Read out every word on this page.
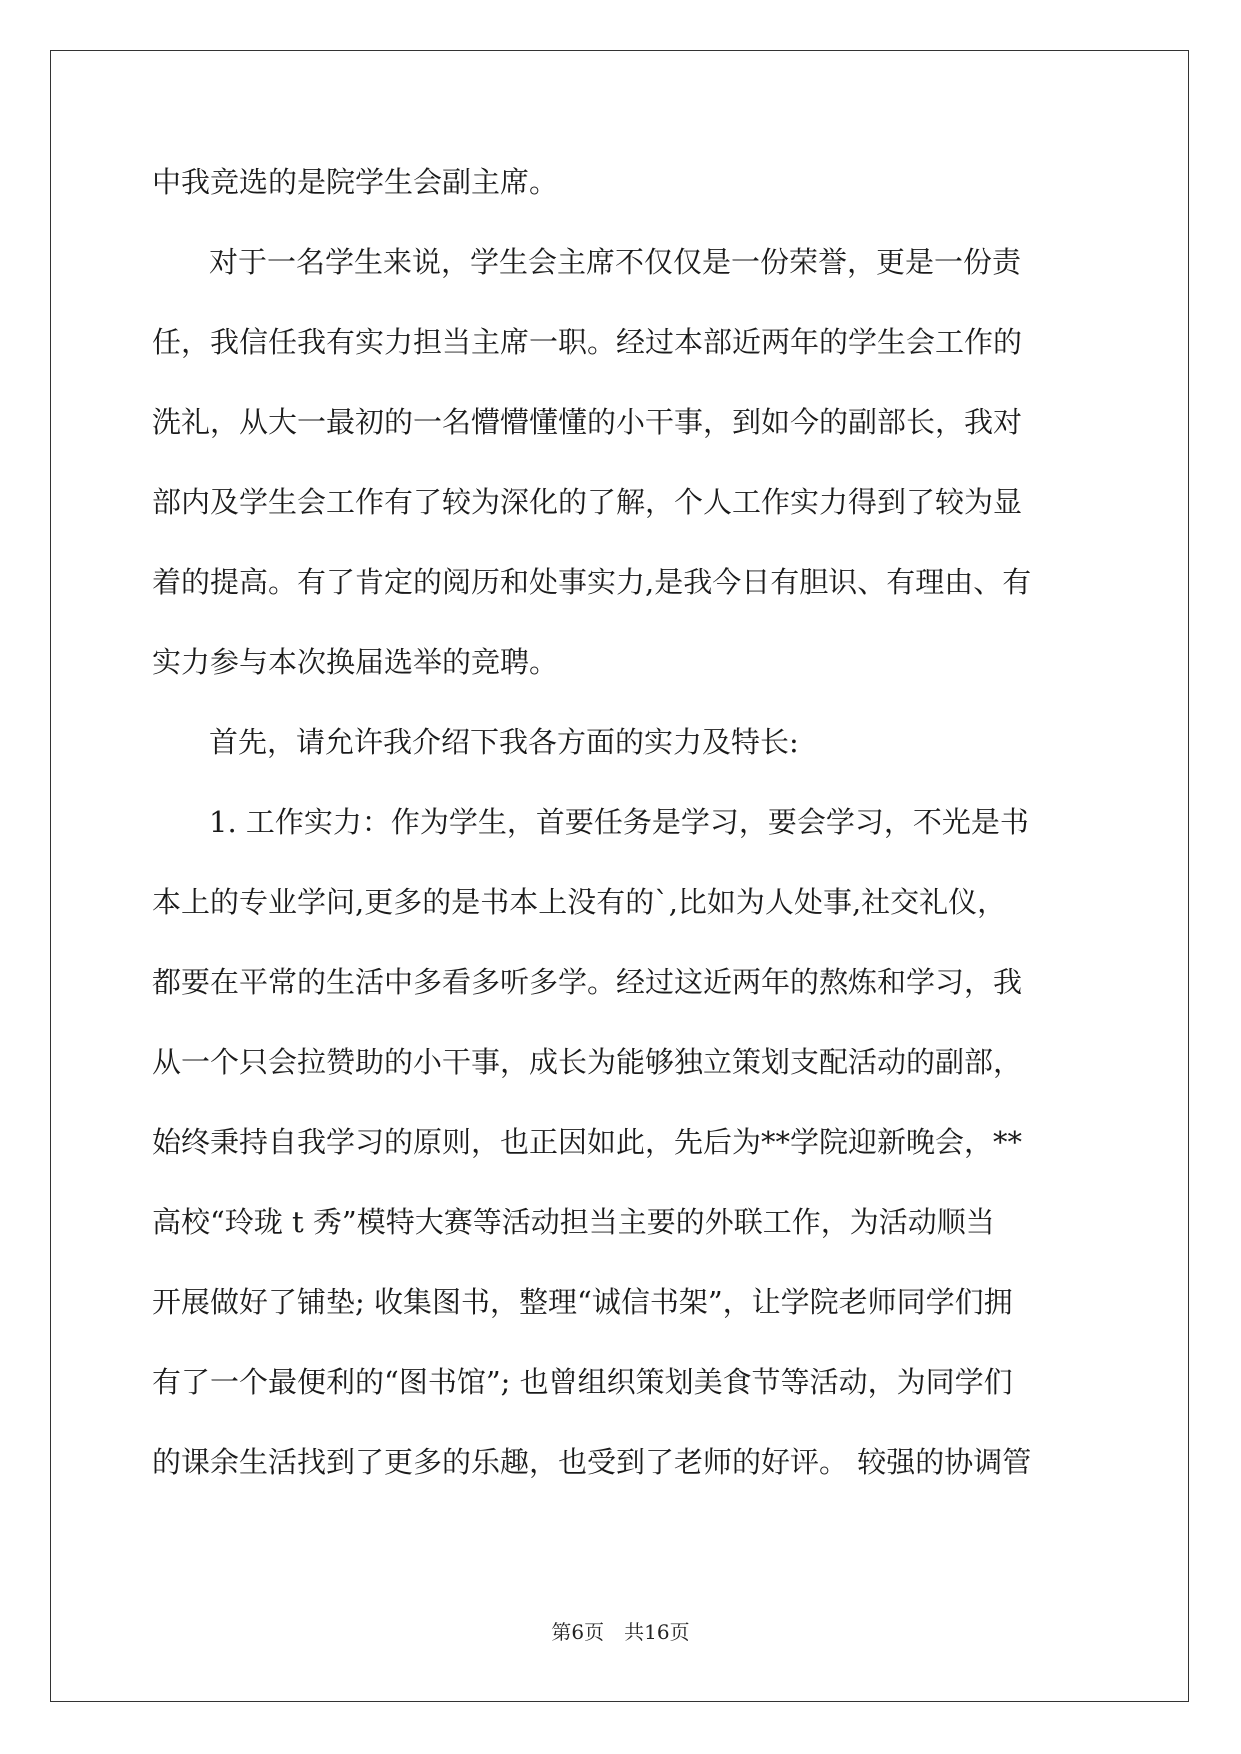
中我竞选的是院学生会副主席。
对于一名学生来说，学生会主席不仅仅是一份荣誉，更是一份责
任，我信任我有实力担当主席一职。经过本部近两年的学生会工作的
洗礼，从大一最初的一名懵懵懂懂的小干事，到如今的副部长，我对
部内及学生会工作有了较为深化的了解，个人工作实力得到了较为显
着的提高。有了肯定的阅历和处事实力,是我今日有胆识、有理由、有
实力参与本次换届选举的竞聘。
首先，请允许我介绍下我各方面的实力及特长:
1. 工作实力：作为学生，首要任务是学习，要会学习，不光是书
本上的专业学问,更多的是书本上没有的`,比如为人处事,社交礼仪，
都要在平常的生活中多看多听多学。经过这近两年的熬炼和学习，我
从一个只会拉赞助的小干事，成长为能够独立策划支配活动的副部，
始终秉持自我学习的原则，也正因如此，先后为**学院迎新晚会，**
高校“玲珑 t 秀”模特大赛等活动担当主要的外联工作，为活动顺当
开展做好了铺垫; 收集图书，整理“诚信书架”，让学院老师同学们拥
有了一个最便利的“图书馆”; 也曾组织策划美食节等活动，为同学们
的课余生活找到了更多的乐趣，也受到了老师的好评。 较强的协调管
第6页 共16页
